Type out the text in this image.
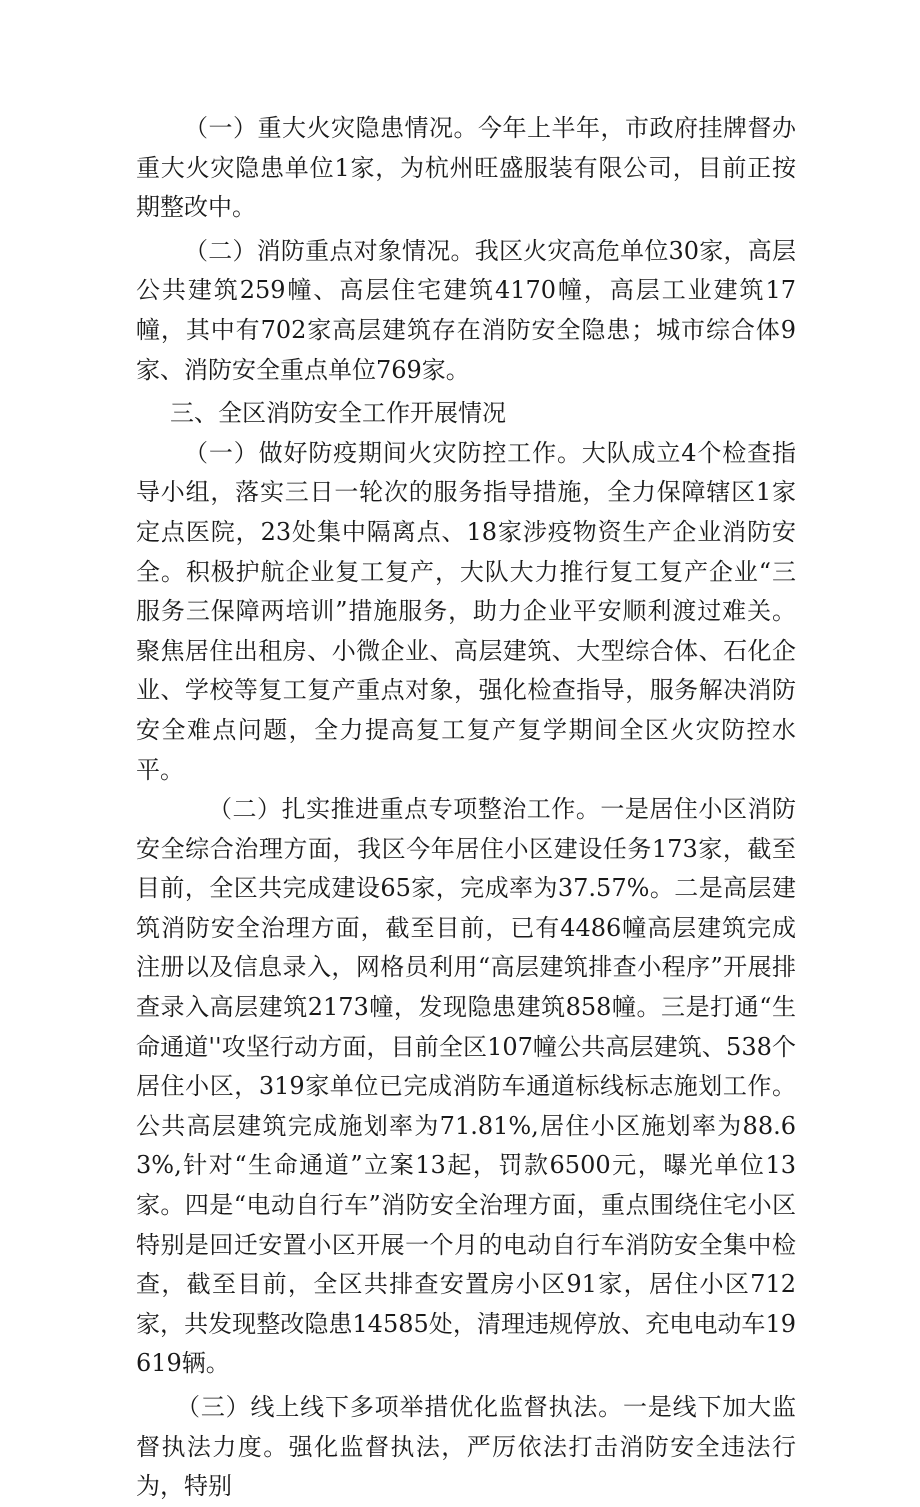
（一）重大火灾隐患情况。今年上半年，市政府挂牌督办重大火灾隐患单位1家，为杭州旺盛服装有限公司，目前正按期整改中。

（二）消防重点对象情况。我区火灾高危单位30家，高层公共建筑259幢、高层住宅建筑4170幢，高层工业建筑17幢，其中有702家高层建筑存在消防安全隐患；城市综合体9家、消防安全重点单位769家。

三、全区消防安全工作开展情况

（一）做好防疫期间火灾防控工作。大队成立4个检查指导小组，落实三日一轮次的服务指导措施，全力保障辖区1家定点医院，23处集中隔离点、18家涉疫物资生产企业消防安全。积极护航企业复工复产，大队大力推行复工复产企业“三服务三保障两培训”措施服务，助力企业平安顺利渡过难关。聚焦居住出租房、小微企业、高层建筑、大型综合体、石化企业、学校等复工复产重点对象，强化检查指导，服务解决消防安全难点问题，全力提高复工复产复学期间全区火灾防控水平。

（二）扎实推进重点专项整治工作。一是居住小区消防安全综合治理方面，我区今年居住小区建设任务173家，截至目前，全区共完成建设65家，完成率为37.57%。二是高层建筑消防安全治理方面，截至目前，已有4486幢高层建筑完成注册以及信息录入，网格员利用“高层建筑排查小程序”开展排查录入高层建筑2173幢，发现隐患建筑858幢。三是打通“生命通道''攻坚行动方面，目前全区107幢公共高层建筑、538个居住小区，319家单位已完成消防车通道标线标志施划工作。公共高层建筑完成施划率为71.81%,居住小区施划率为88.63%,针对“生命通道”立案13起，罚款6500元，曝光单位13家。四是“电动自行车”消防安全治理方面，重点围绕住宅小区特别是回迁安置小区开展一个月的电动自行车消防安全集中检查，截至目前，全区共排查安置房小区91家，居住小区712家，共发现整改隐患14585处，清理违规停放、充电电动车19619辆。

（三）线上线下多项举措优化监督执法。一是线下加大监督执法力度。强化监督执法，严厉依法打击消防安全违法行为，特别
